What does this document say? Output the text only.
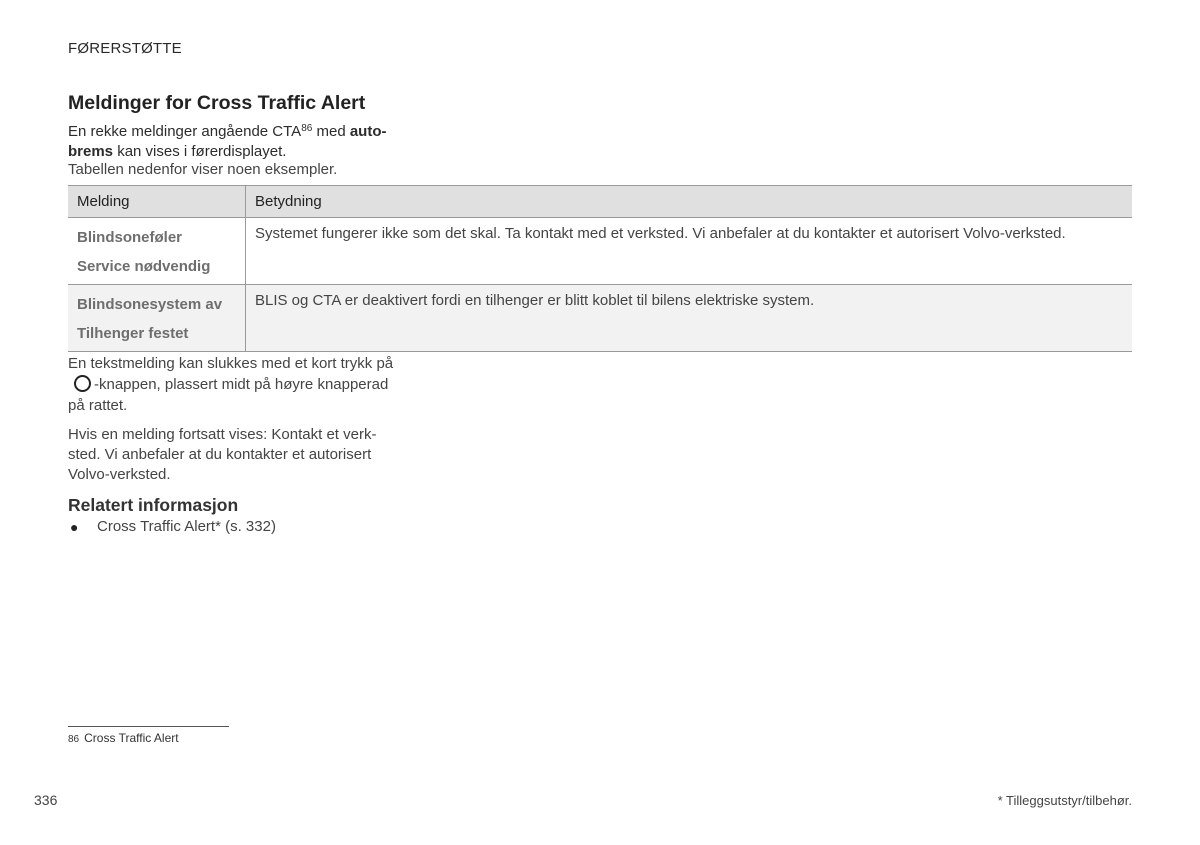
FØRERSTØTTE
Meldinger for Cross Traffic Alert
En rekke meldinger angående CTA$^{86}$ med auto-
brems kan vises i førerdisplayet.
Tabellen nedenfor viser noen eksempler.
Melding	Betydning

Blindsoneføler
Service nødvendig	Systemet fungerer ikke som det skal. Ta kontakt med et verksted. Vi anbefaler at du kontakter et autorisert Volvo-verksted.

Blindsonesystem av
Tilhenger festet	BLIS og CTA er deaktivert fordi en tilhenger er blitt koblet til bilens elektriske system.
En tekstmelding kan slukkes med et kort trykk på
-knappen, plassert midt på høyre knapperad
på rattet.
Hvis en melding fortsatt vises: Kontakt et verksted. Vi anbefaler at du kontakter et autorisert Volvo-verksted.
Relatert informasjon
● Cross Traffic Alert* (s. 332)
86 Cross Traffic Alert
336	* Tilleggsutstyr/tilbehør.
